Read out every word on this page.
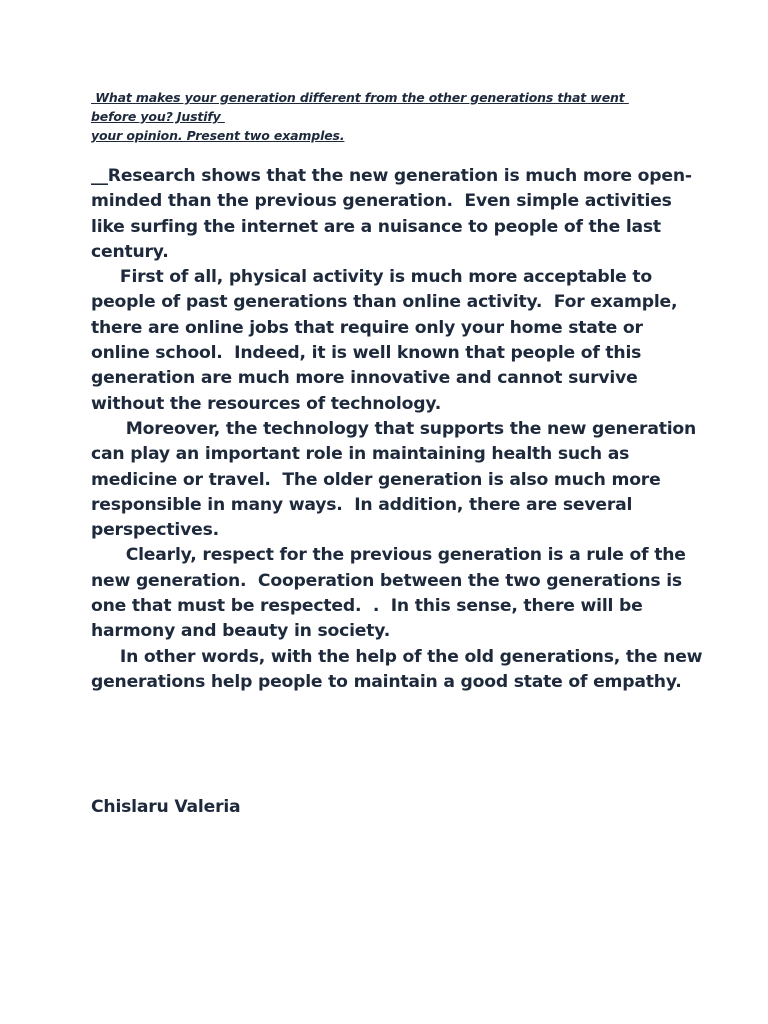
What makes your generation different from the other generations that went
before you? Justify
your opinion. Present two examples.
__Research shows that the new generation is much more open-
minded than the previous generation.  Even simple activities
like surfing the internet are a nuisance to people of the last
century.
First of all, physical activity is much more acceptable to
people of past generations than online activity.  For example,
there are online jobs that require only your home state or
online school.  Indeed, it is well known that people of this
generation are much more innovative and cannot survive
without the resources of technology.
Moreover, the technology that supports the new generation
can play an important role in maintaining health such as
medicine or travel.  The older generation is also much more
responsible in many ways.  In addition, there are several
perspectives.
Clearly, respect for the previous generation is a rule of the
new generation.  Cooperation between the two generations is
one that must be respected.  .  In this sense, there will be
harmony and beauty in society.
In other words, with the help of the old generations, the new
generations help people to maintain a good state of empathy.
Chislaru Valeria
